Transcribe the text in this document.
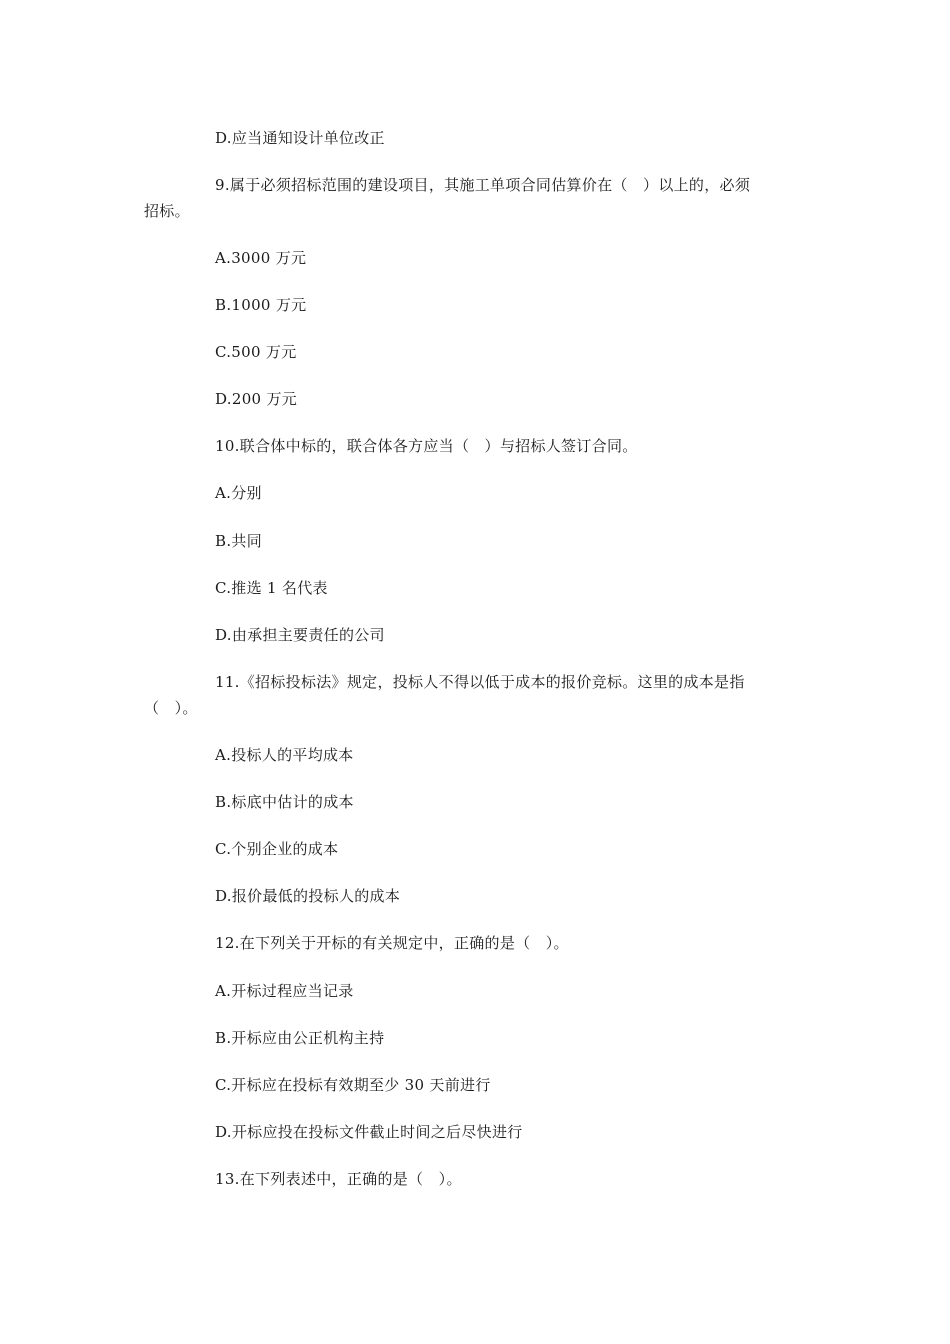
D.应当通知设计单位改正
9.属于必须招标范围的建设项目，其施工单项合同估算价在（　）以上的，必须
招标。
A.3000 万元
B.1000 万元
C.500 万元
D.200 万元
10.联合体中标的，联合体各方应当（　）与招标人签订合同。
A.分别
B.共同
C.推选 1 名代表
D.由承担主要责任的公司
11.《招标投标法》规定，投标人不得以低于成本的报价竞标。这里的成本是指
（　）。
A.投标人的平均成本
B.标底中估计的成本
C.个别企业的成本
D.报价最低的投标人的成本
12.在下列关于开标的有关规定中，正确的是（　）。
A.开标过程应当记录
B.开标应由公正机构主持
C.开标应在投标有效期至少 30 天前进行
D.开标应投在投标文件截止时间之后尽快进行
13.在下列表述中，正确的是（　）。
